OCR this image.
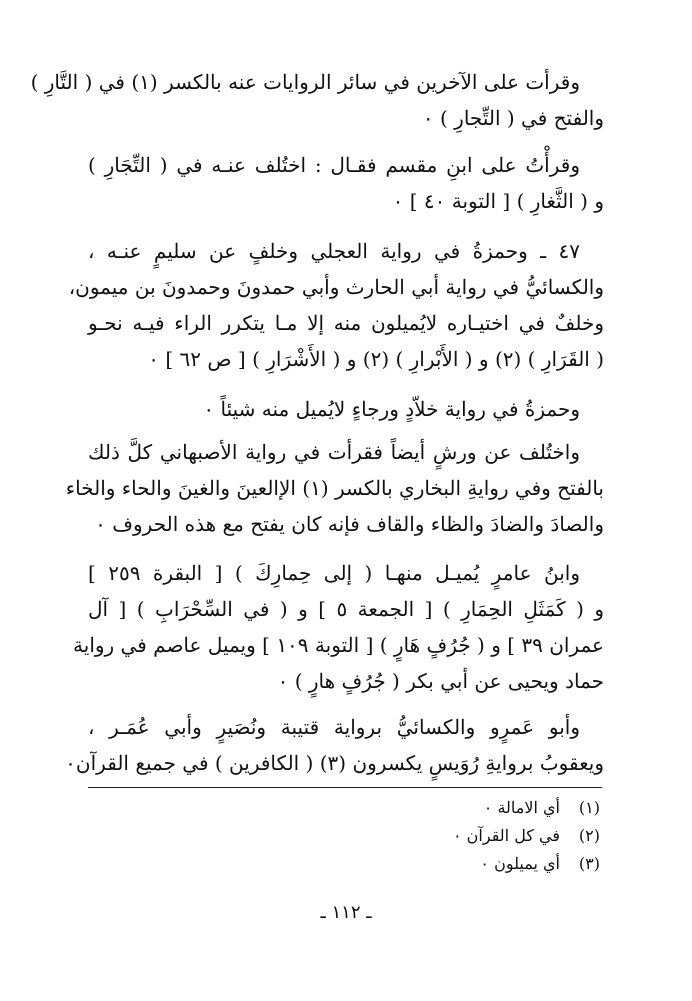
وقرأت على الآخرين في سائر الروايات عنه بالكسر (١) في ( التَّارِ )
والفتح في ( التِّجارِ ) ٠
وقرأْتُ على ابنِ مقسم فقـال : اختُلف عنـه في ( التِّجَارِ )
و ( الثَّغارِ ) [ التوبة ٤٠ ] ٠
٤٧ ـ وحمزةُ في رواية العجلي وخلفٍ عن سليمٍ عنـه ،
والكسائيُّ في رواية أبي الحارث وأبي حمدونَ وحمدونَ بن ميمون،
وخلفٌ في اختيـاره لايُميلون منه إلا مـا يتكرر الراء فيـه نحـو
( القَرَارِ ) (٢) و ( الأَبْرارِ ) (٢) و ( الأَشْرَارِ ) [ ص ٦٢ ] ٠
وحمزةُ في رواية خلاّدٍ ورجاءٍ لايُميل منه شيئاً ٠
واختُلف عن ورشٍ أيضاً فقرأت في رواية الأصبهاني كلَّ ذلك
بالفتح وفي روايةِ البخاري بالكسر (١) الإالعينَ والغينَ والحاء والخاء
والصادَ والضادَ والظاء والقاف فإنه كان يفتح مع هذه الحروف ٠
وابنُ عامرٍ يُميـل منهـا ( إلى حِمارِكَ ) [ البقرة ٢٥٩ ]
و ( كَمَثَلِ الحِمَارِ ) [ الجمعة ٥ ] و ( في السِّحْرَابِ ) [ آل
عمران ٣٩ ] و ( جُرُفٍ هَارٍ ) [ التوبة ١٠٩ ] ويميل عاصم في رواية
حماد ويحيى عن أبي بكر ( جُرُفٍ هارٍ ) ٠
وأبو عَمرٍو والكسائيُّ برواية قتيبة ونُصَيرٍ وأبي عُمَـر ،
ويعقوبُ بروايةِ رُوَيسٍ يكسرون (٣) ( الكافرين ) في جميع القرآن٠
(١)أي الامالة ٠
(٢)في كل القرآن ٠
(٣)أي يميلون ٠
ـ ١١٢ ـ
